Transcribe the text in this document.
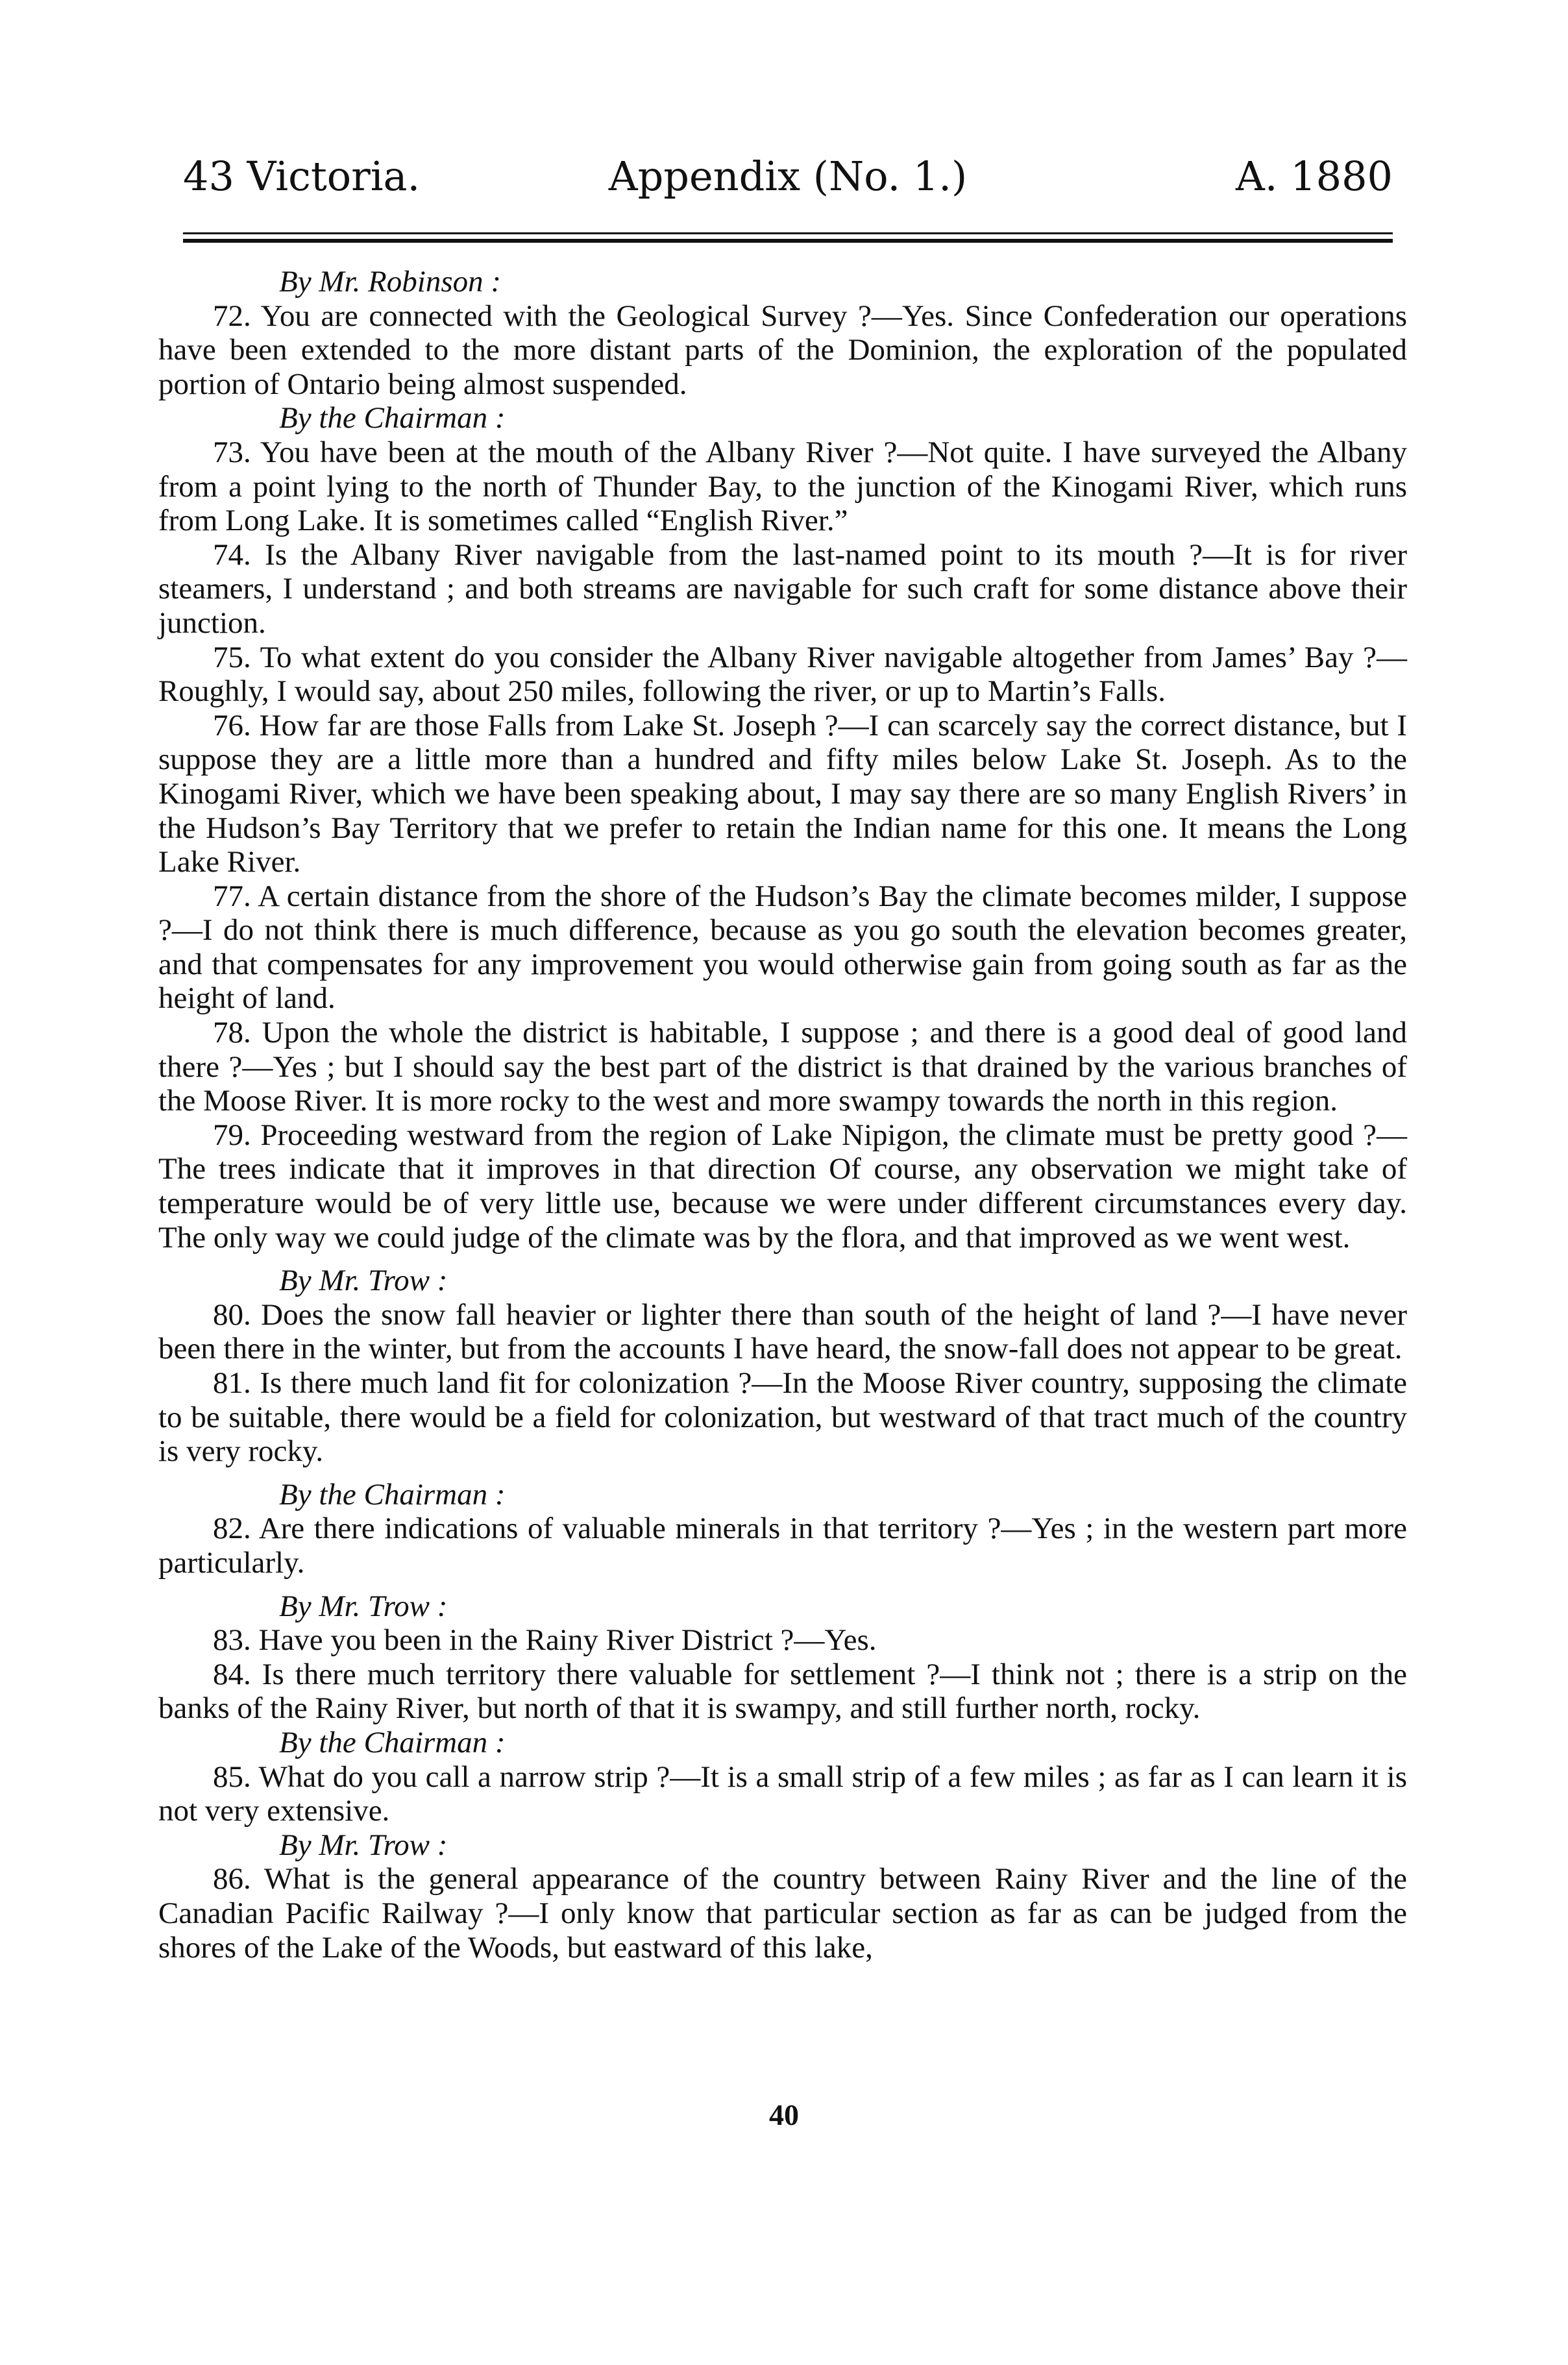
43 Victoria.	Appendix (No. 1.)	A. 1880

By Mr. Robinson :

72. You are connected with the Geological Survey ?—Yes. Since Confederation our operations have been extended to the more distant parts of the Dominion, the exploration of the populated portion of Ontario being almost suspended.

By the Chairman :

73. You have been at the mouth of the Albany River ?—Not quite. I have surveyed the Albany from a point lying to the north of Thunder Bay, to the junction of the Kinogami River, which runs from Long Lake. It is sometimes called “English River.”

74. Is the Albany River navigable from the last-named point to its mouth ?—It is for river steamers, I understand ; and both streams are navigable for such craft for some distance above their junction.

75. To what extent do you consider the Albany River navigable altogether from James’ Bay ?—Roughly, I would say, about 250 miles, following the river, or up to Martin’s Falls.

76. How far are those Falls from Lake St. Joseph ?—I can scarcely say the correct distance, but I suppose they are a little more than a hundred and fifty miles below Lake St. Joseph. As to the Kinogami River, which we have been speaking about, I may say there are so many English Rivers’ in the Hudson’s Bay Territory that we prefer to retain the Indian name for this one. It means the Long Lake River.

77. A certain distance from the shore of the Hudson’s Bay the climate becomes milder, I suppose ?—I do not think there is much difference, because as you go south the elevation becomes greater, and that compensates for any improvement you would otherwise gain from going south as far as the height of land.

78. Upon the whole the district is habitable, I suppose ; and there is a good deal of good land there ?—Yes ; but I should say the best part of the district is that drained by the various branches of the Moose River. It is more rocky to the west and more swampy towards the north in this region.

79. Proceeding westward from the region of Lake Nipigon, the climate must be pretty good ?—The trees indicate that it improves in that direction Of course, any observation we might take of temperature would be of very little use, because we were under different circumstances every day. The only way we could judge of the climate was by the flora, and that improved as we went west.

By Mr. Trow :

80. Does the snow fall heavier or lighter there than south of the height of land ?—I have never been there in the winter, but from the accounts I have heard, the snow-fall does not appear to be great.

81. Is there much land fit for colonization ?—In the Moose River country, supposing the climate to be suitable, there would be a field for colonization, but westward of that tract much of the country is very rocky.

By the Chairman :

82. Are there indications of valuable minerals in that territory ?—Yes ; in the western part more particularly.

By Mr. Trow :

83. Have you been in the Rainy River District ?—Yes.

84. Is there much territory there valuable for settlement ?—I think not ; there is a strip on the banks of the Rainy River, but north of that it is swampy, and still further north, rocky.

By the Chairman :

85. What do you call a narrow strip ?—It is a small strip of a few miles ; as far as I can learn it is not very extensive.

By Mr. Trow :

86. What is the general appearance of the country between Rainy River and the line of the Canadian Pacific Railway ?—I only know that particular section as far as can be judged from the shores of the Lake of the Woods, but eastward of this lake,

40
